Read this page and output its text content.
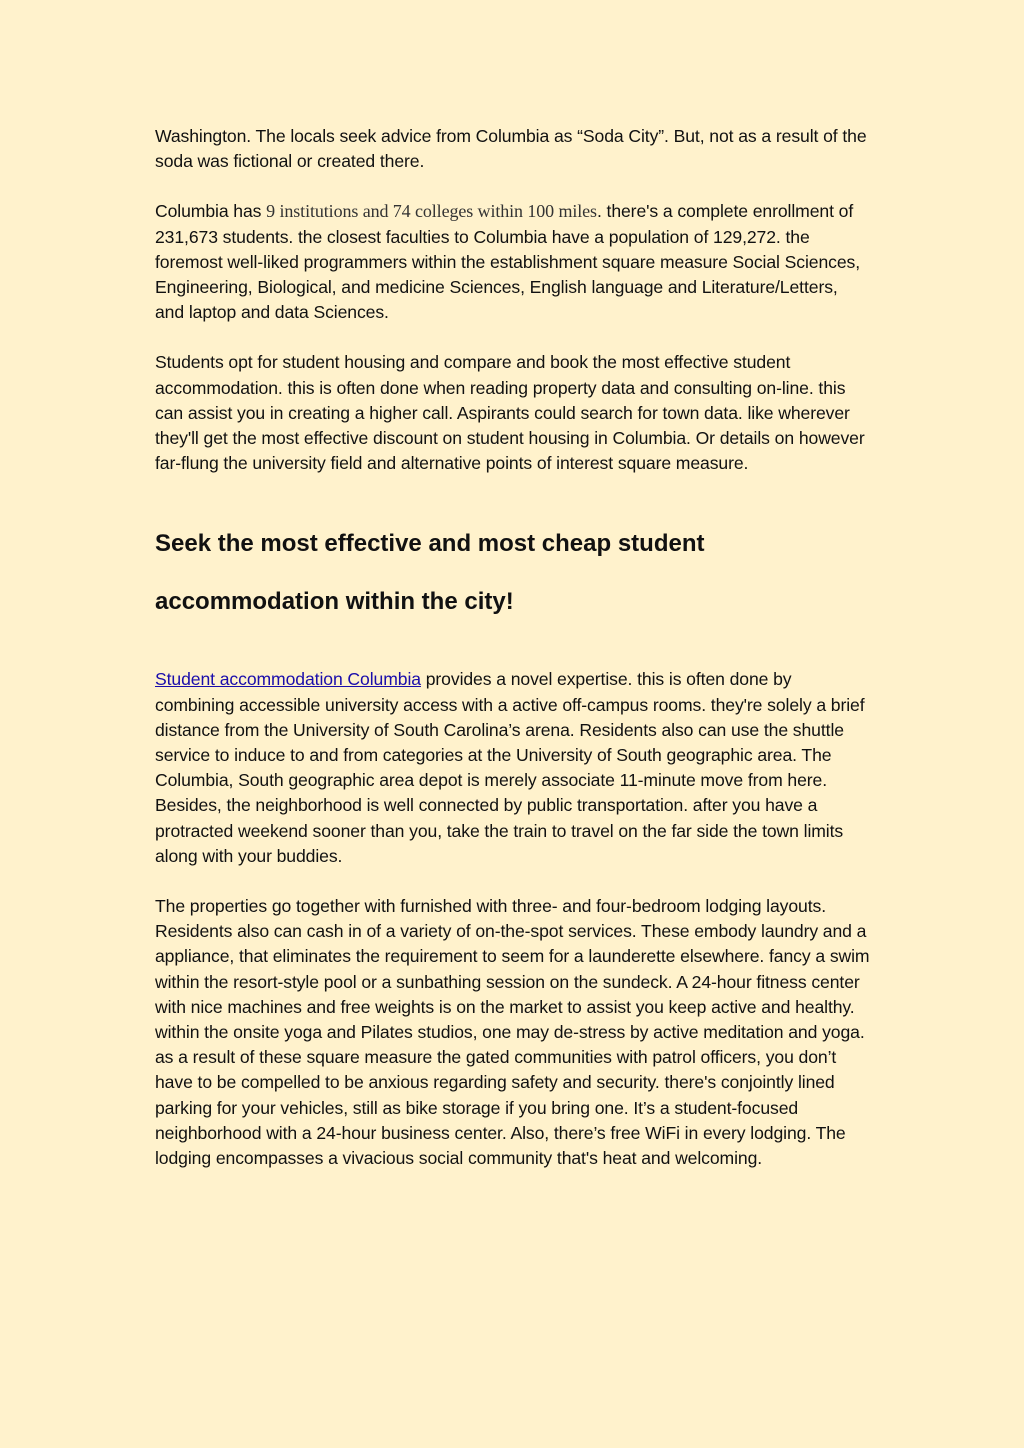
Washington. The locals seek advice from Columbia as “Soda City”. But, not as a result of the soda was fictional or created there.

Columbia has 9 institutions and 74 colleges within 100 miles. there's a complete enrollment of 231,673 students. the closest faculties to Columbia have a population of 129,272. the foremost well-liked programmers within the establishment square measure Social Sciences, Engineering, Biological, and medicine Sciences, English language and Literature/Letters, and laptop and data Sciences.

Students opt for student housing and compare and book the most effective student accommodation. this is often done when reading property data and consulting on-line. this can assist you in creating a higher call. Aspirants could search for town data. like wherever they'll get the most effective discount on student housing in Columbia. Or details on however far-flung the university field and alternative points of interest square measure.

Seek the most effective and most cheap student
accommodation within the city!

Student accommodation Columbia provides a novel expertise. this is often done by combining accessible university access with a active off-campus rooms. they're solely a brief distance from the University of South Carolina’s arena. Residents also can use the shuttle service to induce to and from categories at the University of South geographic area. The Columbia, South geographic area depot is merely associate 11-minute move from here. Besides, the neighborhood is well connected by public transportation. after you have a protracted weekend sooner than you, take the train to travel on the far side the town limits along with your buddies.

The properties go together with furnished with three- and four-bedroom lodging layouts. Residents also can cash in of a variety of on-the-spot services. These embody laundry and a appliance, that eliminates the requirement to seem for a launderette elsewhere. fancy a swim within the resort-style pool or a sunbathing session on the sundeck. A 24-hour fitness center with nice machines and free weights is on the market to assist you keep active and healthy. within the onsite yoga and Pilates studios, one may de-stress by active meditation and yoga. as a result of these square measure the gated communities with patrol officers, you don’t have to be compelled to be anxious regarding safety and security. there's conjointly lined parking for your vehicles, still as bike storage if you bring one. It’s a student-focused neighborhood with a 24-hour business center. Also, there’s free WiFi in every lodging. The lodging encompasses a vivacious social community that's heat and welcoming.
